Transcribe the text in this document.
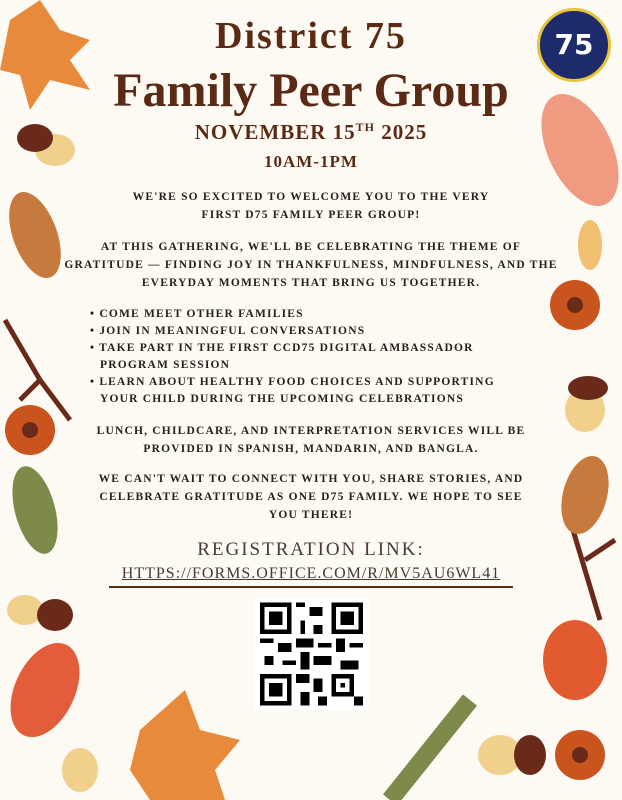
75
District 75
Family Peer Group
NOVEMBER 15TH 2025
10AM-1PM
WE'RE SO EXCITED TO WELCOME YOU TO THE VERY FIRST D75 FAMILY PEER GROUP!
AT THIS GATHERING, WE'LL BE CELEBRATING THE THEME OF GRATITUDE — FINDING JOY IN THANKFULNESS, MINDFULNESS, AND THE EVERYDAY MOMENTS THAT BRING US TOGETHER.
• COME MEET OTHER FAMILIES
• JOIN IN MEANINGFUL CONVERSATIONS
• TAKE PART IN THE FIRST CCD75 DIGITAL AMBASSADOR PROGRAM SESSION
• LEARN ABOUT HEALTHY FOOD CHOICES AND SUPPORTING YOUR CHILD DURING THE UPCOMING CELEBRATIONS
LUNCH, CHILDCARE, AND INTERPRETATION SERVICES WILL BE PROVIDED IN SPANISH, MANDARIN, AND BANGLA.
WE CAN'T WAIT TO CONNECT WITH YOU, SHARE STORIES, AND CELEBRATE GRATITUDE AS ONE D75 FAMILY. WE HOPE TO SEE YOU THERE!
REGISTRATION LINK:
HTTPS://FORMS.OFFICE.COM/R/MV5AU6WL41
